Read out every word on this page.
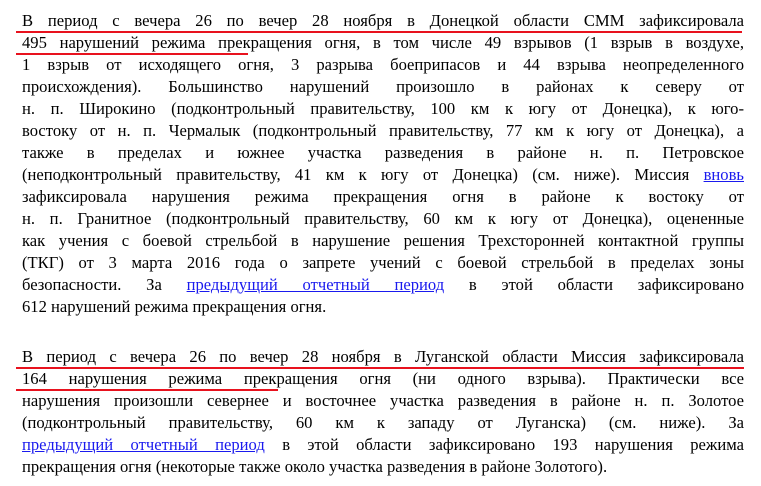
В период с вечера 26 по вечер 28 ноября в Донецкой области СММ зафиксировала
495 нарушений режима прекращения огня, в том числе 49 взрывов (1 взрыв в воздухе,
1 взрыв от исходящего огня, 3 разрыва боеприпасов и 44 взрыва неопределенного
происхождения). Большинство нарушений произошло в районах к северу от
н. п. Широкино (подконтрольный правительству, 100 км к югу от Донецка), к юго-
востоку от н. п. Чермалык (подконтрольный правительству, 77 км к югу от Донецка), а
также в пределах и южнее участка разведения в районе н. п. Петровское
(неподконтрольный правительству, 41 км к югу от Донецка) (см. ниже). Миссия вновь
зафиксировала нарушения режима прекращения огня в районе к востоку от
н. п. Гранитное (подконтрольный правительству, 60 км к югу от Донецка), оцененные
как учения с боевой стрельбой в нарушение решения Трехсторонней контактной группы
(ТКГ) от 3 марта 2016 года о запрете учений с боевой стрельбой в пределах зоны
безопасности. За предыдущий отчетный период в этой области зафиксировано
612 нарушений режима прекращения огня.
В период с вечера 26 по вечер 28 ноября в Луганской области Миссия зафиксировала
164 нарушения режима прекращения огня (ни одного взрыва). Практически все
нарушения произошли севернее и восточнее участка разведения в районе н. п. Золотое
(подконтрольный правительству, 60 км к западу от Луганска) (см. ниже). За
предыдущий отчетный период в этой области зафиксировано 193 нарушения режима
прекращения огня (некоторые также около участка разведения в районе Золотого).
